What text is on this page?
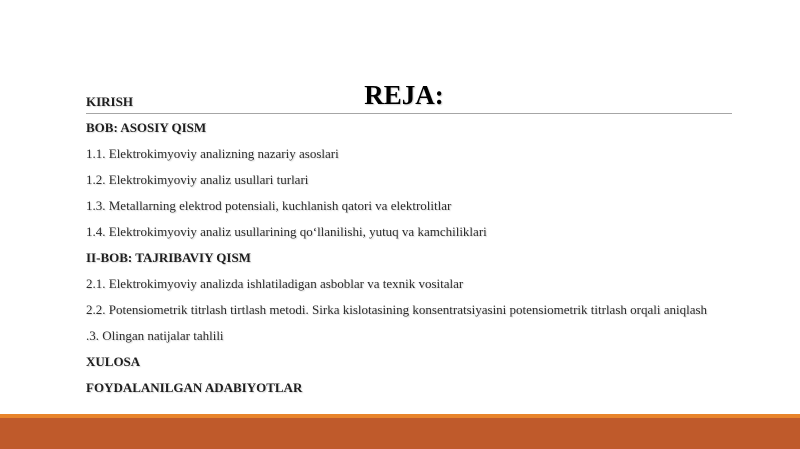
REJA:
KIRISH
BOB: ASOSIY QISM
1.1. Elektrokimyoviy analizning nazariy asoslari
1.2. Elektrokimyoviy analiz usullari turlari
1.3. Metallarning elektrod potensiali, kuchlanish qatori va elektrolitlar
1.4. Elektrokimyoviy analiz usullarining qo‘llanilishi, yutuq va kamchiliklari
II-BOB: TAJRIBAVIY QISM
2.1. Elektrokimyoviy analizda ishlatiladigan asboblar va texnik vositalar
2.2. Potensiometrik titrlash tirtlash metodi. Sirka kislotasining konsentratsiyasini potensiometrik titrlash orqali aniqlash
.3. Olingan natijalar tahlili
XULOSA
FOYDALANILGAN ADABIYOTLAR
